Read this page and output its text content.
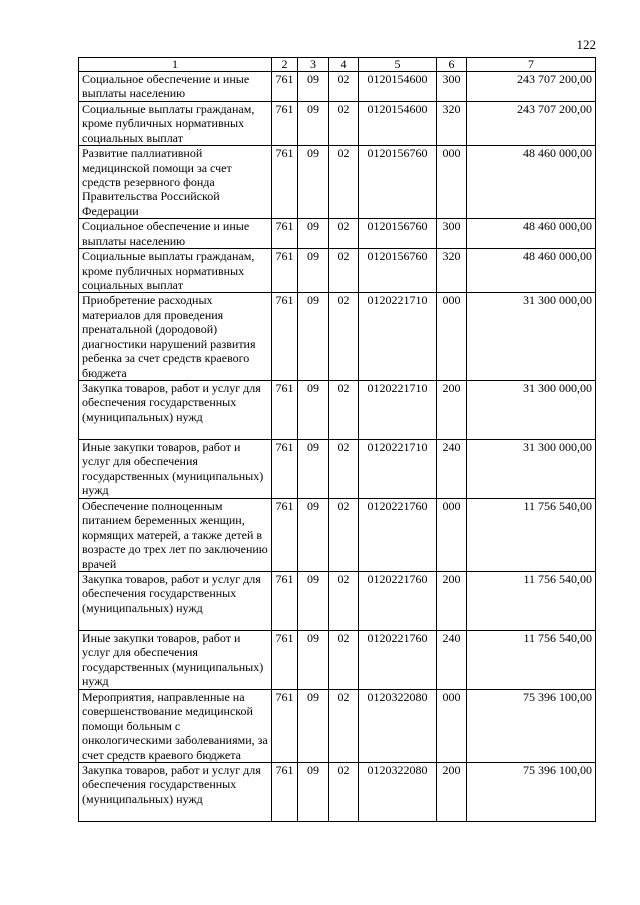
122
1	2	3	4	5	6	7
Социальное обеспечение и иные выплаты населению	761	09	02	0120154600	300	243 707 200,00
Социальные выплаты гражданам, кроме публичных нормативных социальных выплат	761	09	02	0120154600	320	243 707 200,00
Развитие паллиативной медицинской помощи за счет средств резервного фонда Правительства Российской Федерации	761	09	02	0120156760	000	48 460 000,00
Социальное обеспечение и иные выплаты населению	761	09	02	0120156760	300	48 460 000,00
Социальные выплаты гражданам, кроме публичных нормативных социальных выплат	761	09	02	0120156760	320	48 460 000,00
Приобретение расходных материалов для проведения пренатальной (дородовой) диагностики нарушений развития ребенка за счет средств краевого бюджета	761	09	02	0120221710	000	31 300 000,00
Закупка товаров, работ и услуг для обеспечения государственных (муниципальных) нужд	761	09	02	0120221710	200	31 300 000,00
Иные закупки товаров, работ и услуг для обеспечения государственных (муниципальных) нужд	761	09	02	0120221710	240	31 300 000,00
Обеспечение полноценным питанием беременных женщин, кормящих матерей, а также детей в возрасте до трех лет по заключению врачей	761	09	02	0120221760	000	11 756 540,00
Закупка товаров, работ и услуг для обеспечения государственных (муниципальных) нужд	761	09	02	0120221760	200	11 756 540,00
Иные закупки товаров, работ и услуг для обеспечения государственных (муниципальных) нужд	761	09	02	0120221760	240	11 756 540,00
Мероприятия, направленные на совершенствование медицинской помощи больным с онкологическими заболеваниями, за счет средств краевого бюджета	761	09	02	0120322080	000	75 396 100,00
Закупка товаров, работ и услуг для обеспечения государственных (муниципальных) нужд	761	09	02	0120322080	200	75 396 100,00
